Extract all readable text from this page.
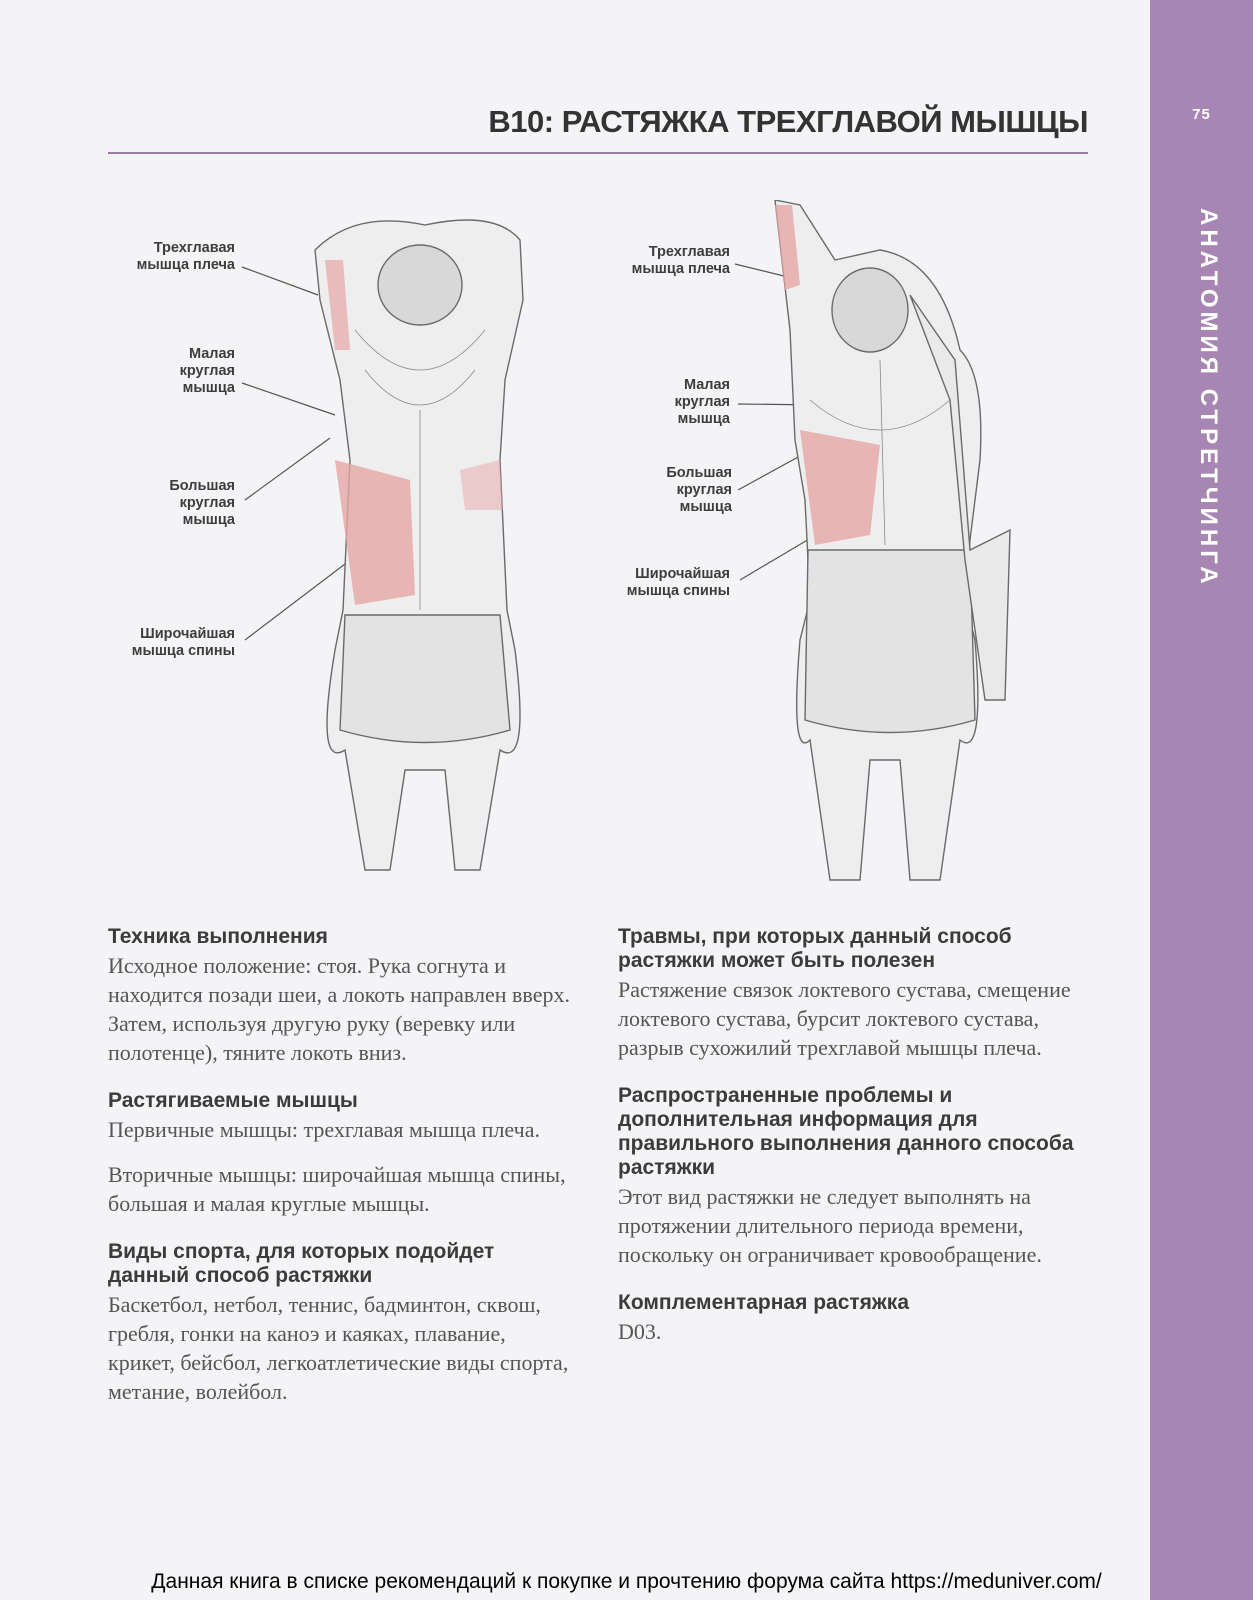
75
АНАТОМИЯ СТРЕТЧИНГА
B10: РАСТЯЖКА ТРЕХГЛАВОЙ МЫШЦЫ
Трехглавая
мышца плеча
Малая
круглая
мышца
Большая
круглая
мышца
Широчайшая
мышца спины
Трехглавая
мышца плеча
Малая
круглая
мышца
Большая
круглая
мышца
Широчайшая
мышца спины

Техника выполнения

Исходное положение: стоя. Рука согнута и находится позади шеи, а локоть направлен вверх. Затем, используя другую руку (веревку или полотенце), тяните локоть вниз.

Растягиваемые мышцы

Первичные мышцы: трехглавая мышца плеча.

Вторичные мышцы: широчайшая мышца спины, большая и малая круглые мышцы.

Виды спорта, для которых подойдет данный способ растяжки

Баскетбол, нетбол, теннис, бадминтон, сквош, гребля, гонки на каноэ и каяках, плавание, крикет, бейсбол, легкоатлетические виды спорта, метание, волейбол.

Травмы, при которых данный способ растяжки может быть полезен

Растяжение связок локтевого сустава, смещение локтевого сустава, бурсит локтевого сустава, разрыв сухожилий трехглавой мышцы плеча.

Распространенные проблемы и дополнительная информация для правильного выполнения данного способа растяжки

Этот вид растяжки не следует выполнять на протяжении длительного периода времени, поскольку он ограничивает кровообращение.

Комплементарная растяжка

D03.

Данная книга в списке рекомендаций к покупке и прочтению форума сайта https://meduniver.com/
